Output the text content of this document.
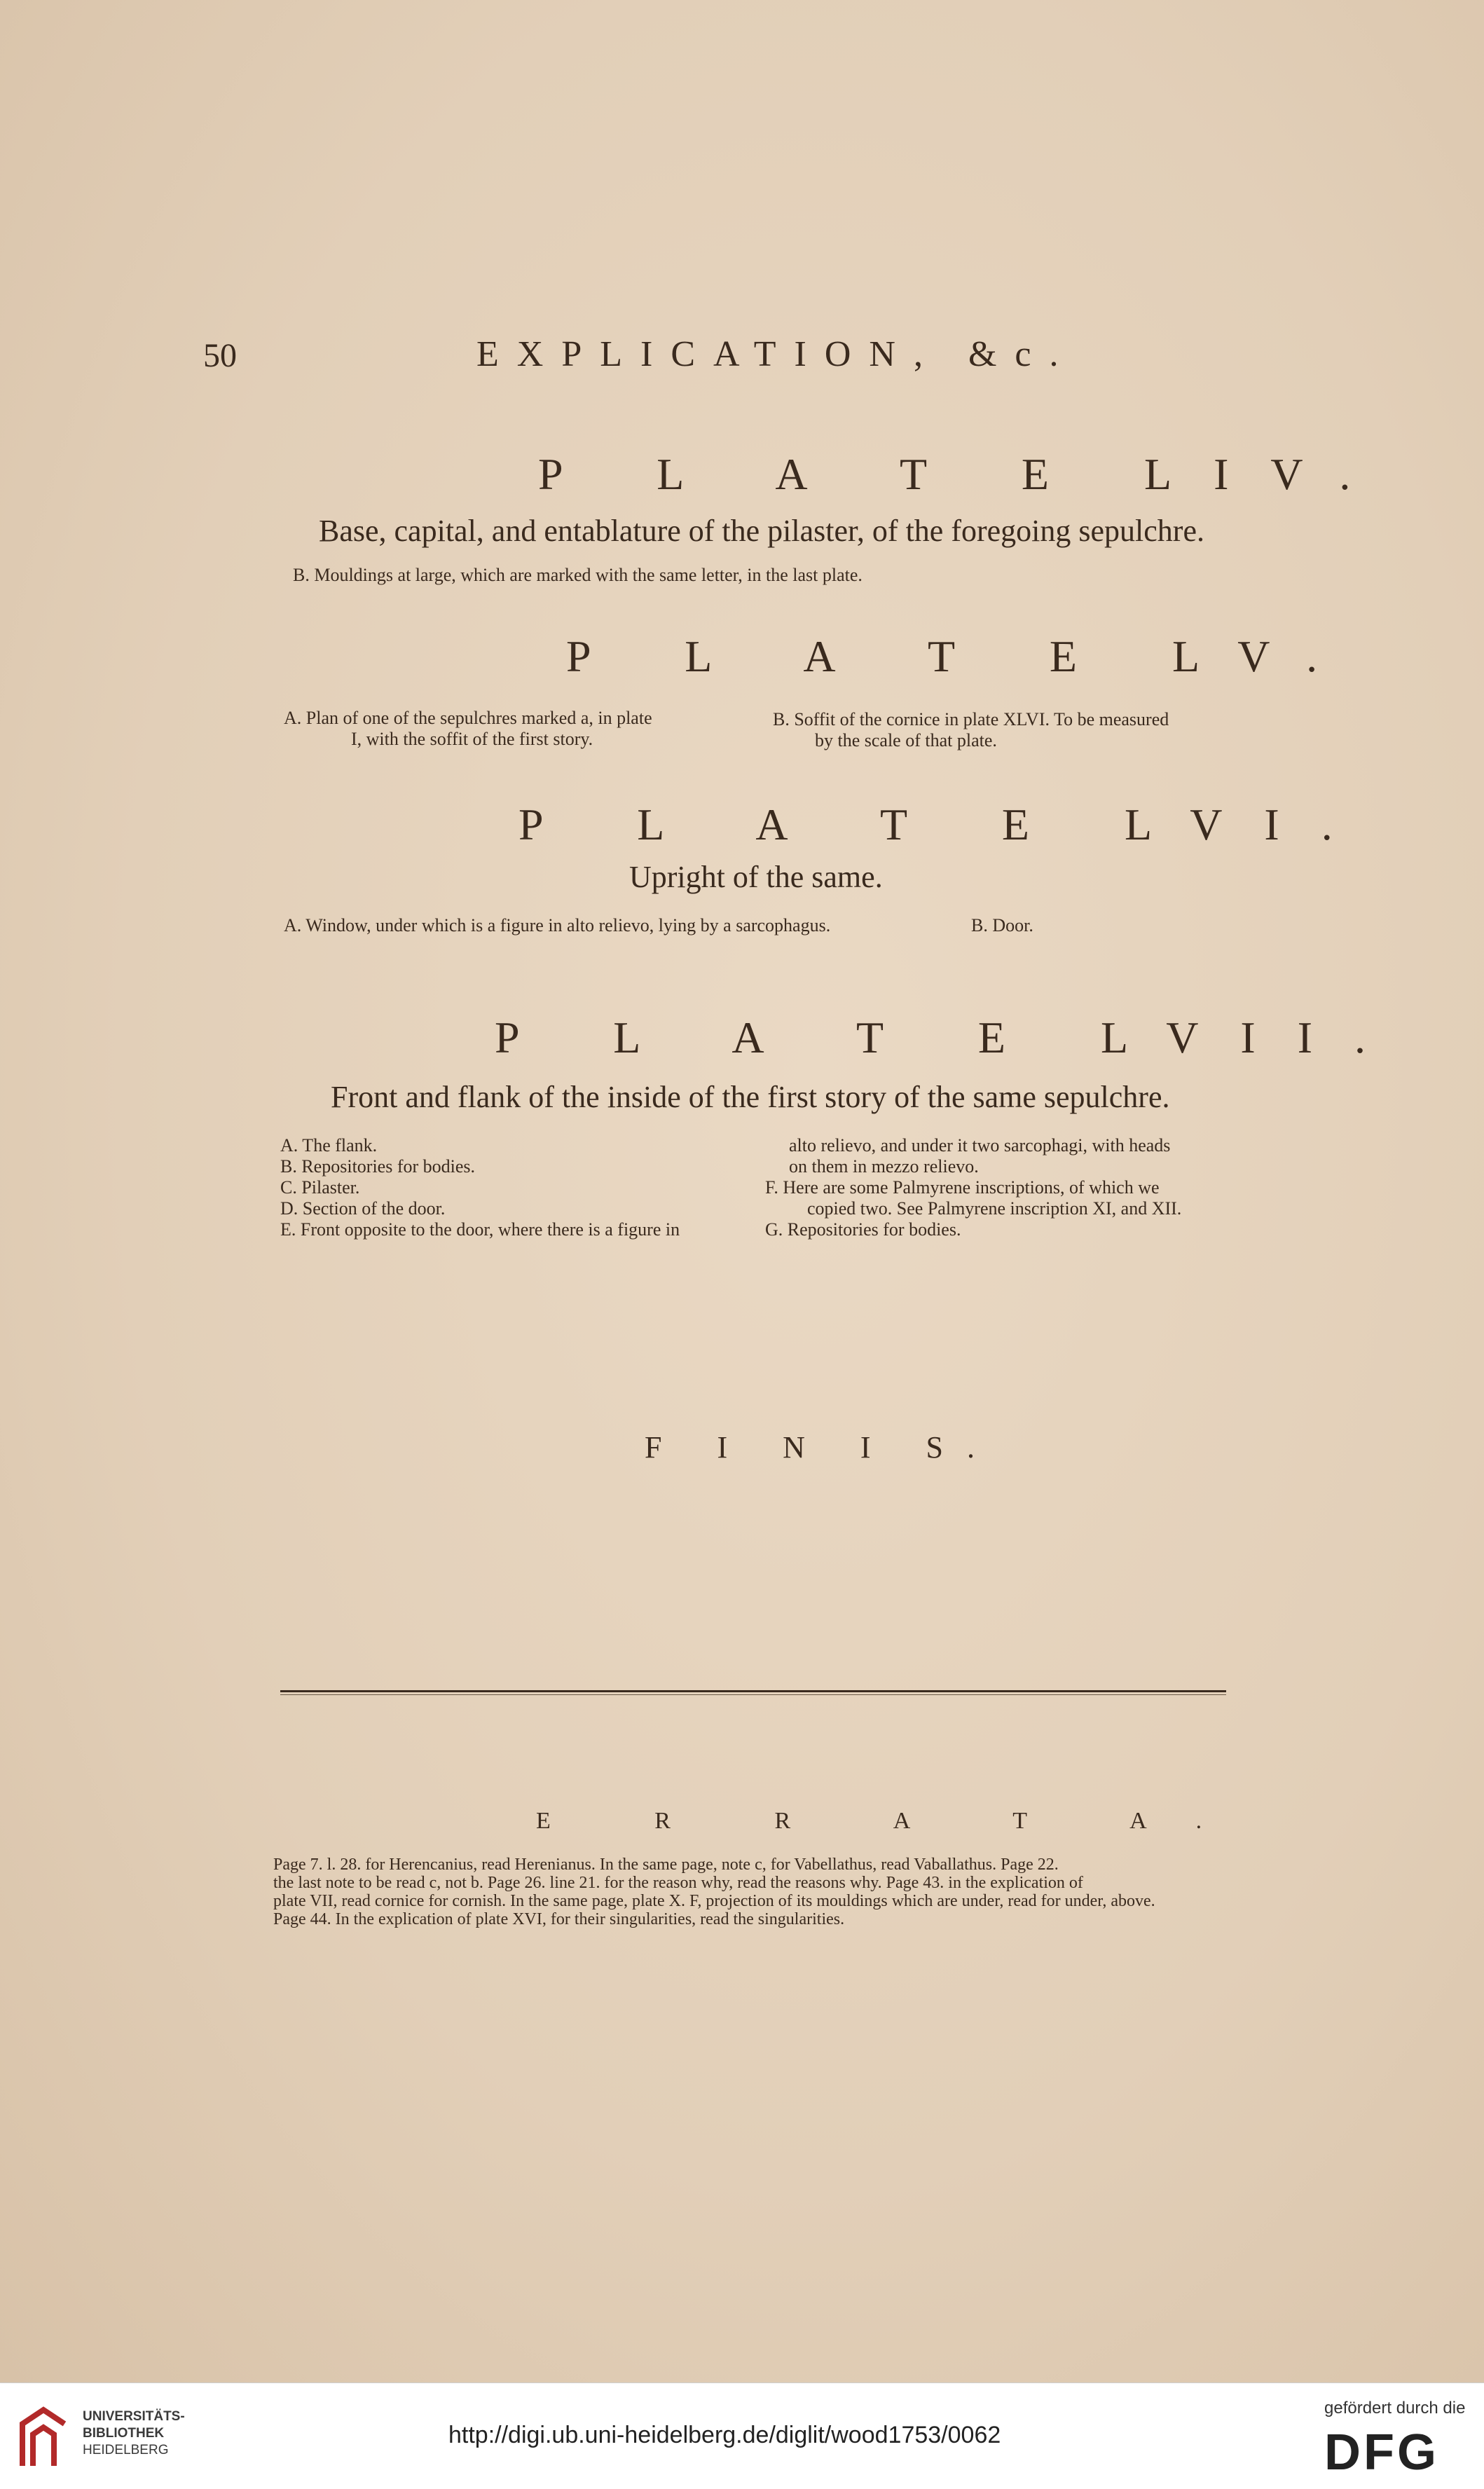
50	EXPLICATION, &c.
P L A T E LIV.
Base, capital, and entablature of the pilaster, of the foregoing sepulchre.
B. Mouldings at large, which are marked with the same letter, in the last plate.
P L A T E LV.
A. Plan of one of the sepulchres marked a, in plate
I, with the soffit of the first story.
B. Soffit of the cornice in plate XLVI. To be measured
by the scale of that plate.
P L A T E LVI.
Upright of the same.
A. Window, under which is a figure in alto relievo, lying by a sarcophagus.	B. Door.
P L A T E LVII.
Front and flank of the inside of the first story of the same sepulchre.
A. The flank.
B. Repositories for bodies.
C. Pilaster.
D. Section of the door.
E. Front opposite to the door, where there is a figure in
alto relievo, and under it two sarcophagi, with heads
on them in mezzo relievo.
F. Here are some Palmyrene inscriptions, of which we
copied two. See Palmyrene inscription XI, and XII.
G. Repositories for bodies.
F I N I S.
E R R A T A.
Page 7. l. 28. for Herencanius, read Herenianus. In the same page, note c, for Vabellathus, read Vaballathus. Page 22.
the last note to be read c, not b. Page 26. line 21. for the reason why, read the reasons why. Page 43. in the explication of
plate VII, read cornice for cornish. In the same page, plate X. F, projection of its mouldings which are under, read for under, above.
Page 44. In the explication of plate XVI, for their singularities, read the singularities.
UNIVERSITÄTS-
BIBLIOTHEK
HEIDELBERG
http://digi.ub.uni-heidelberg.de/diglit/wood1753/0062
gefördert durch die
DFG
